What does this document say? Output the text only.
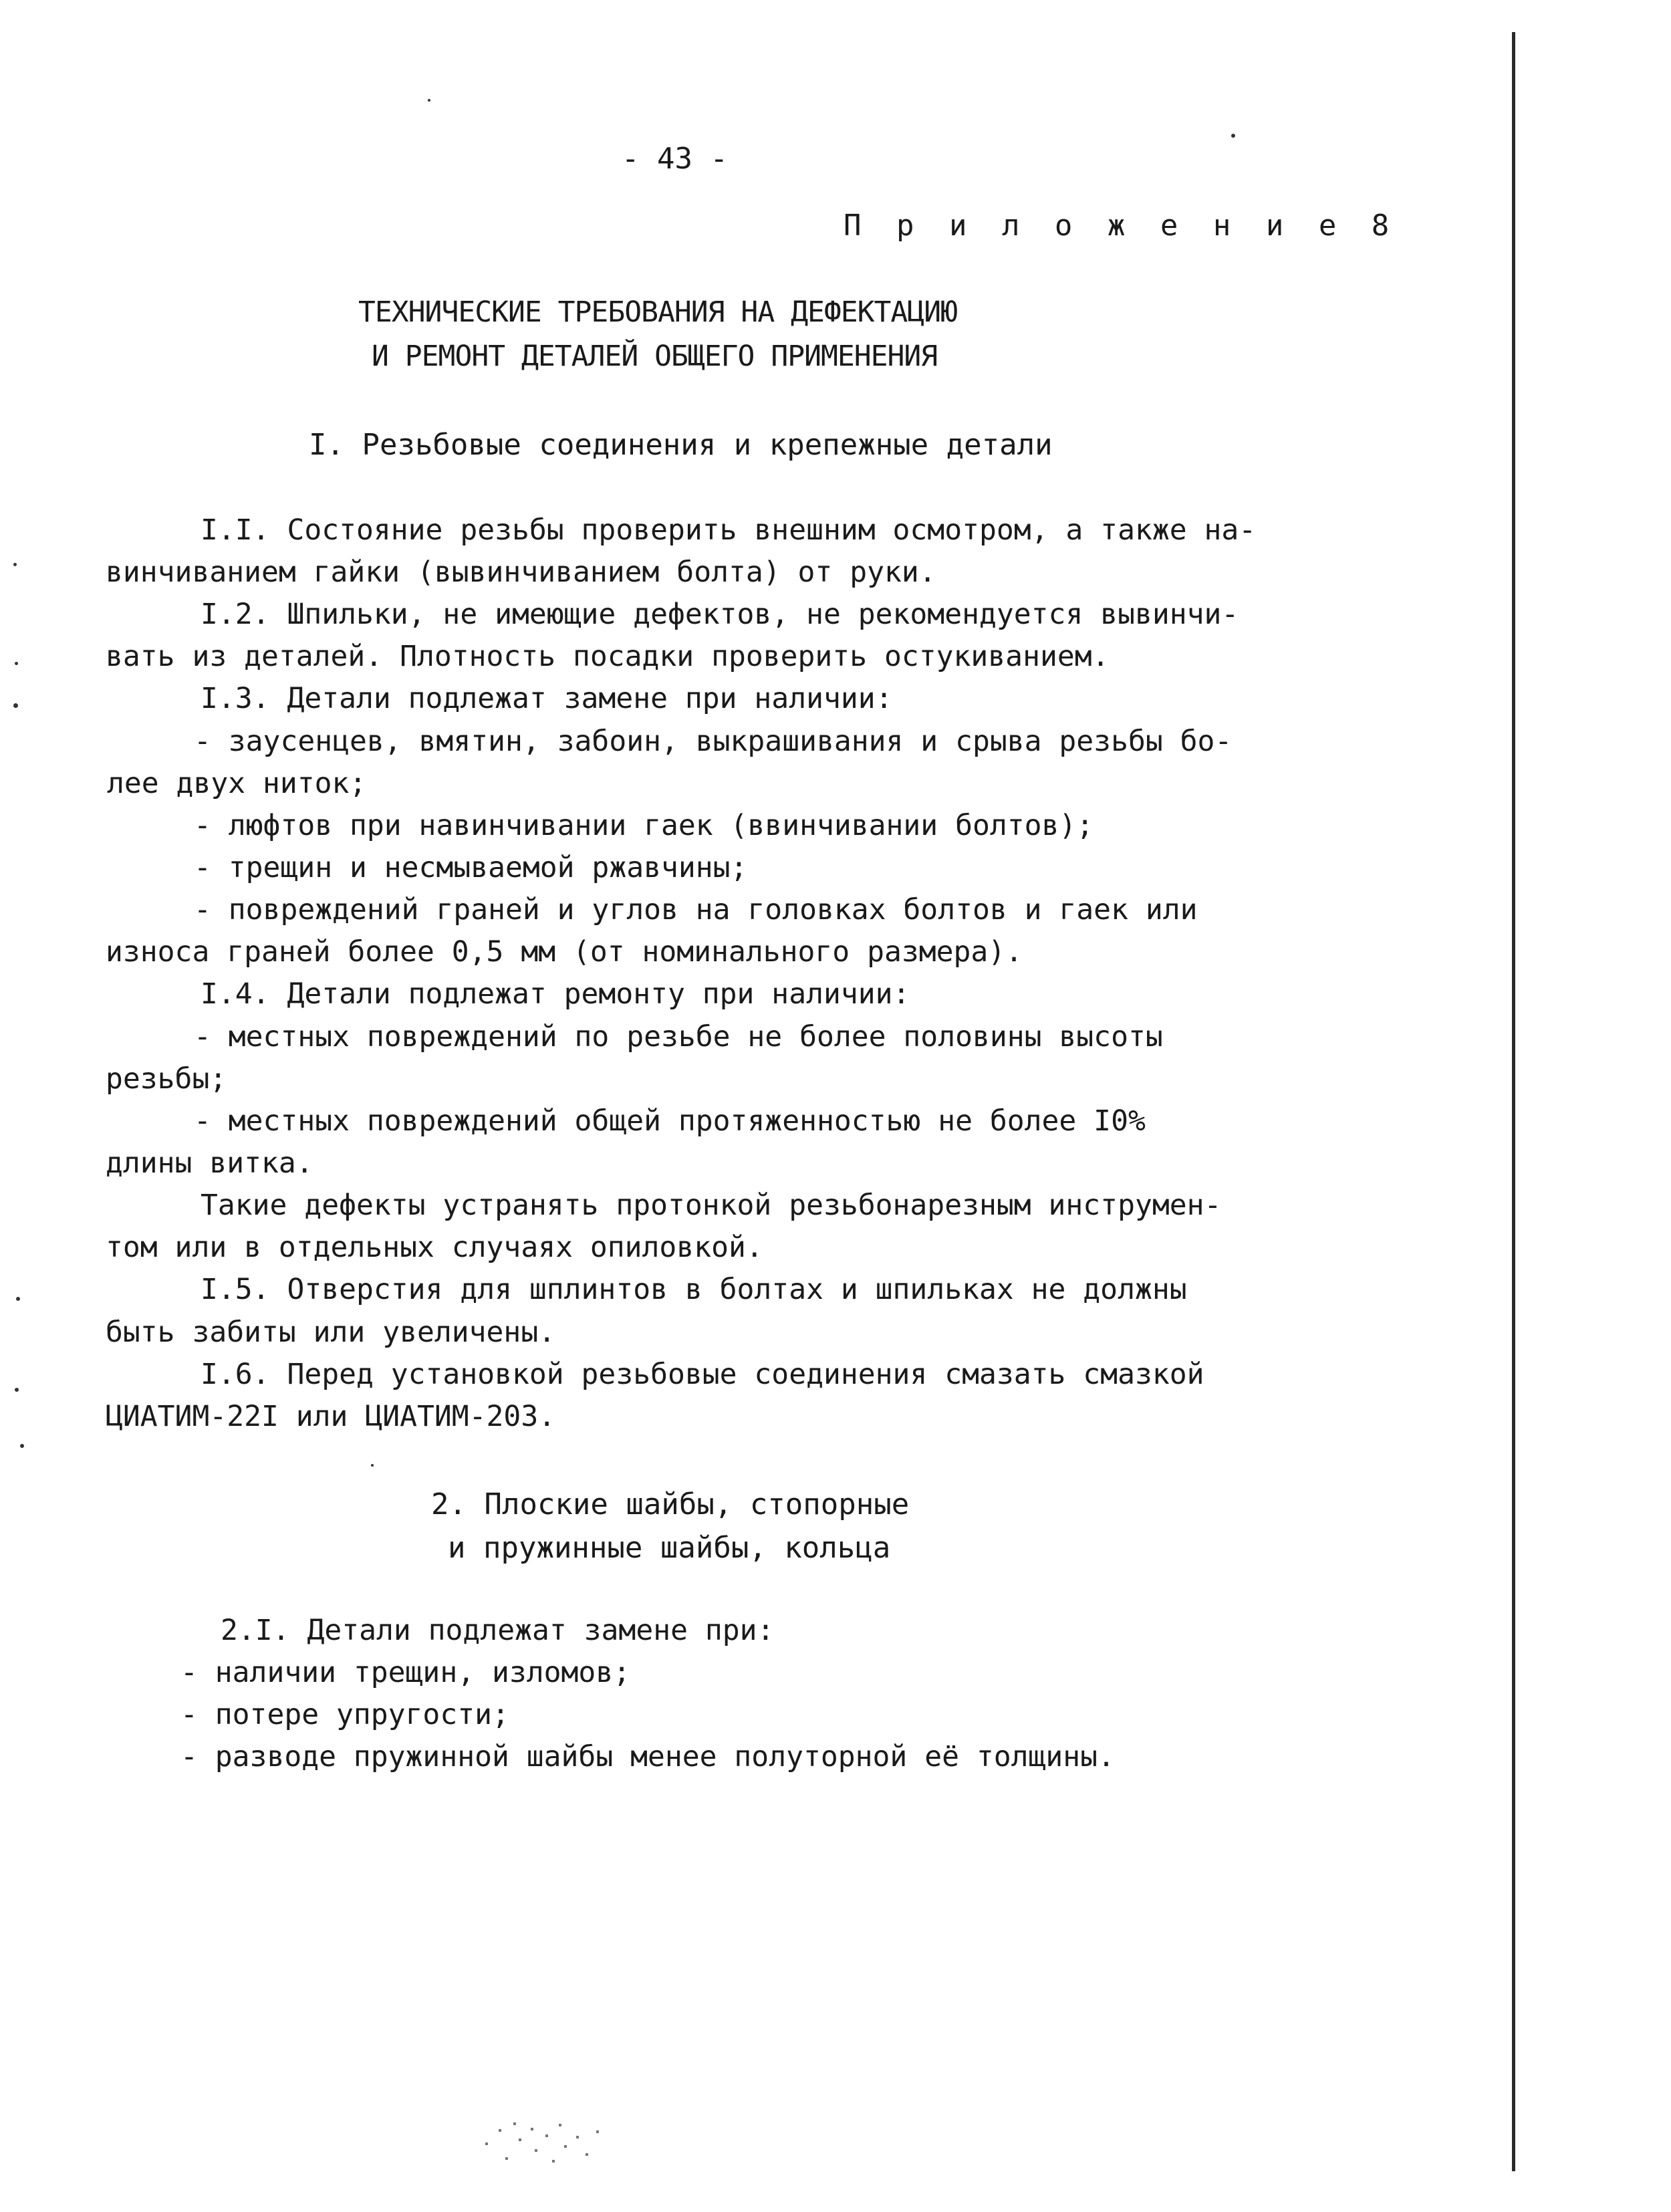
- 43 -
П р и л о ж е н и е 8
ТЕХНИЧЕСКИЕ ТРЕБОВАНИЯ НА ДЕФЕКТАЦИЮ
И РЕМОНТ ДЕТАЛЕЙ ОБЩЕГО ПРИМЕНЕНИЯ
I. Резьбовые соединения и крепежные детали
I.I. Состояние резьбы проверить внешним осмотром, а также на-
винчиванием гайки (вывинчиванием болта) от руки.
I.2. Шпильки, не имеющие дефектов, не рекомендуется вывинчи-
вать из деталей. Плотность посадки проверить остукиванием.
I.3. Детали подлежат замене при наличии:
- заусенцев, вмятин, забоин, выкрашивания и срыва резьбы бо-
лее двух ниток;
- люфтов при навинчивании гаек (ввинчивании болтов);
- трещин и несмываемой ржавчины;
- повреждений граней и углов на головках болтов и гаек или
износа граней более 0,5 мм (от номинального размера).
I.4. Детали подлежат ремонту при наличии:
- местных повреждений по резьбе не более половины высоты
резьбы;
- местных повреждений общей протяженностью не более I0%
длины витка.
Такие дефекты устранять протонкой резьбонарезным инструмен-
том или в отдельных случаях опиловкой.
I.5. Отверстия для шплинтов в болтах и шпильках не должны
быть забиты или увеличены.
I.6. Перед установкой резьбовые соединения смазать смазкой
ЦИАТИМ-22I или ЦИАТИМ-203.
2. Плоские шайбы, стопорные
и пружинные шайбы, кольца
2.I. Детали подлежат замене при:
- наличии трещин, изломов;
- потере упругости;
- разводе пружинной шайбы менее полуторной её толщины.
